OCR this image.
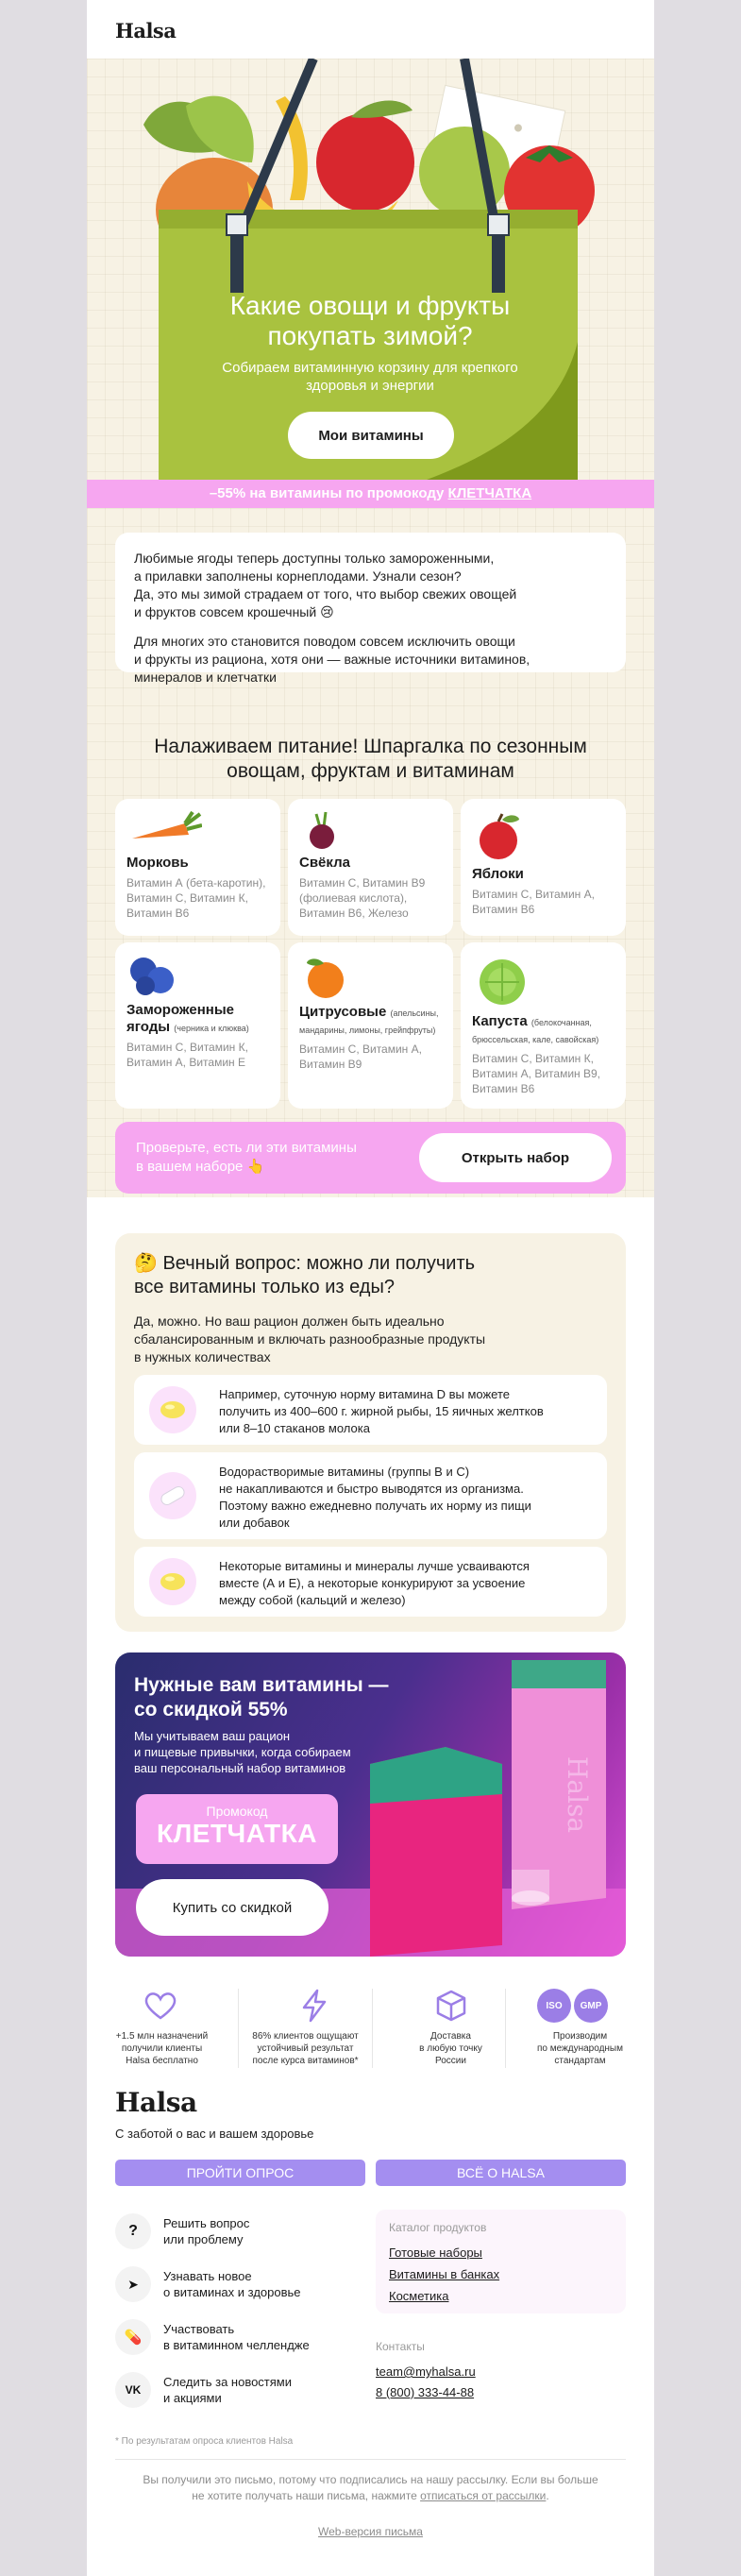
Halsa
Какие овощи и фрукты покупать зимой?
Собираем витаминную корзину для крепкого здоровья и энергии
Мои витамины
–55% на витамины по промокоду КЛЕТЧАТКА
Любимые ягоды теперь доступны только замороженными,
а прилавки заполнены корнеплодами. Узнали сезон?
Да, это мы зимой страдаем от того, что выбор свежих овощей
и фруктов совсем крошечный 😢
Для многих это становится поводом совсем исключить овощи
и фрукты из рациона, хотя они — важные источники витаминов,
минералов и клетчатки
Налаживаем питание! Шпаргалка по сезонным
овощам, фруктам и витаминам
Морковь
Витамин А (бета-каротин), Витамин С, Витамин К, Витамин В6
Свёкла
Витамин С, Витамин В9 (фолиевая кислота), Витамин В6, Железо
Яблоки
Витамин С, Витамин А, Витамин В6
Замороженные ягоды (черника и клюква)
Витамин С, Витамин К, Витамин А, Витамин Е
Цитрусовые (апельсины, мандарины, лимоны, грейпфруты)
Витамин С, Витамин А, Витамин В9
Капуста (белокочанная, брюссельская, кале, савойская)
Витамин С, Витамин К, Витамин А, Витамин В9, Витамин В6
Проверьте, есть ли эти витамины
в вашем наборе 👆
Открыть набор
🤔 Вечный вопрос: можно ли получить
все витамины только из еды?
Да, можно. Но ваш рацион должен быть идеально
сбалансированным и включать разнообразные продукты
в нужных количествах
Например, суточную норму витамина D вы можете
получить из 400–600 г. жирной рыбы, 15 яичных желтков
или 8–10 стаканов молока
Водорастворимые витамины (группы В и С)
не накапливаются и быстро выводятся из организма.
Поэтому важно ежедневно получать их норму из пищи
или добавок
Некоторые витамины и минералы лучше усваиваются
вместе (А и Е), а некоторые конкурируют за усвоение
между собой (кальций и железо)
Halsa
Нужные вам витамины —
со скидкой 55%
Мы учитываем ваш рацион
и пищевые привычки, когда собираем
ваш персональный набор витаминов
Промокод
КЛЕТЧАТКА
Купить со скидкой
ISO	GMP
+1.5 млн назначений
получили клиенты
Halsa бесплатно
86% клиентов ощущают
устойчивый результат
после курса витаминов*
Доставка
в любую точку
России
Производим
по международным
стандартам
Halsa
С заботой о вас и вашем здоровье
ПРОЙТИ ОПРОС	ВСЁ О HALSA
?	Решить вопрос
или проблему
➤	Узнавать новое
о витаминах и здоровье
💊
Участвовать
в витаминном челлендже
VK
Следить за новостями
и акциями
Каталог продуктов
Готовые наборы
Витамины в банках
Косметика
Контакты
team@myhalsa.ru
8 (800) 333-44-88
* По результатам опроса клиентов Halsa
Вы получили это письмо, потому что подписались на нашу рассылку. Если вы больше
не хотите получать наши письма, нажмите отписаться от рассылки.
Web-версия письма
